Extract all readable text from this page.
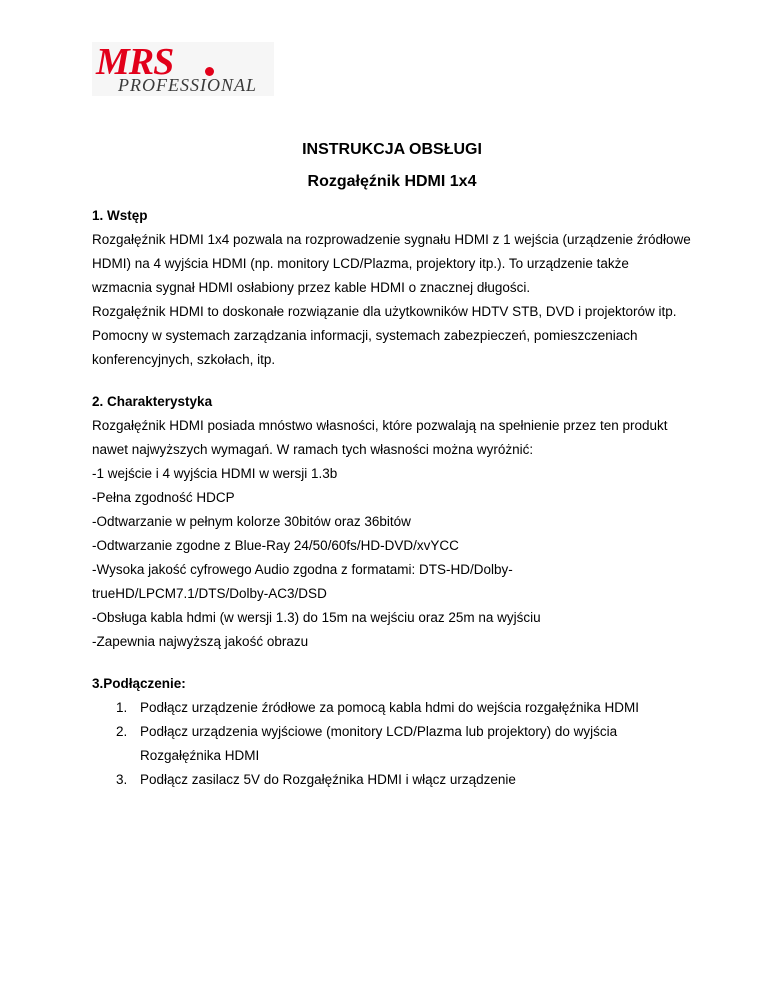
MRS
PROFESSIONAL
INSTRUKCJA OBSŁUGI
Rozgałęźnik HDMI 1x4
1. Wstęp

Rozgałęźnik HDMI 1x4 pozwala na rozprowadzenie sygnału HDMI z 1 wejścia (urządzenie źródłowe HDMI) na 4 wyjścia HDMI (np. monitory LCD/Plazma, projektory itp.). To urządzenie także wzmacnia sygnał HDMI osłabiony przez kable HDMI o znacznej długości.

Rozgałęźnik HDMI to doskonałe rozwiązanie dla użytkowników HDTV STB, DVD i projektorów itp. Pomocny w systemach zarządzania informacji, systemach zabezpieczeń, pomieszczeniach konferencyjnych, szkołach, itp.

2. Charakterystyka

Rozgałęźnik HDMI posiada mnóstwo własności, które pozwalają na spełnienie przez ten produkt nawet najwyższych wymagań. W ramach tych własności można wyróżnić:

-1 wejście i 4 wyjścia HDMI w wersji 1.3b
-Pełna zgodność HDCP
-Odtwarzanie w pełnym kolorze 30bitów oraz 36bitów
-Odtwarzanie zgodne z Blue-Ray 24/50/60fs/HD-DVD/xvYCC
-Wysoka jakość cyfrowego Audio zgodna z formatami: DTS-HD/Dolby-trueHD/LPCM7.1/DTS/Dolby-AC3/DSD
-Obsługa kabla hdmi (w wersji 1.3) do 15m na wejściu oraz 25m na wyjściu
-Zapewnia najwyższą jakość obrazu
3.Podłączenie:
1. Podłącz urządzenie źródłowe za pomocą kabla hdmi do wejścia rozgałęźnika HDMI
2. Podłącz urządzenia wyjściowe (monitory LCD/Plazma lub projektory) do wyjścia Rozgałęźnika HDMI
3. Podłącz zasilacz 5V do Rozgałęźnika HDMI i włącz urządzenie
